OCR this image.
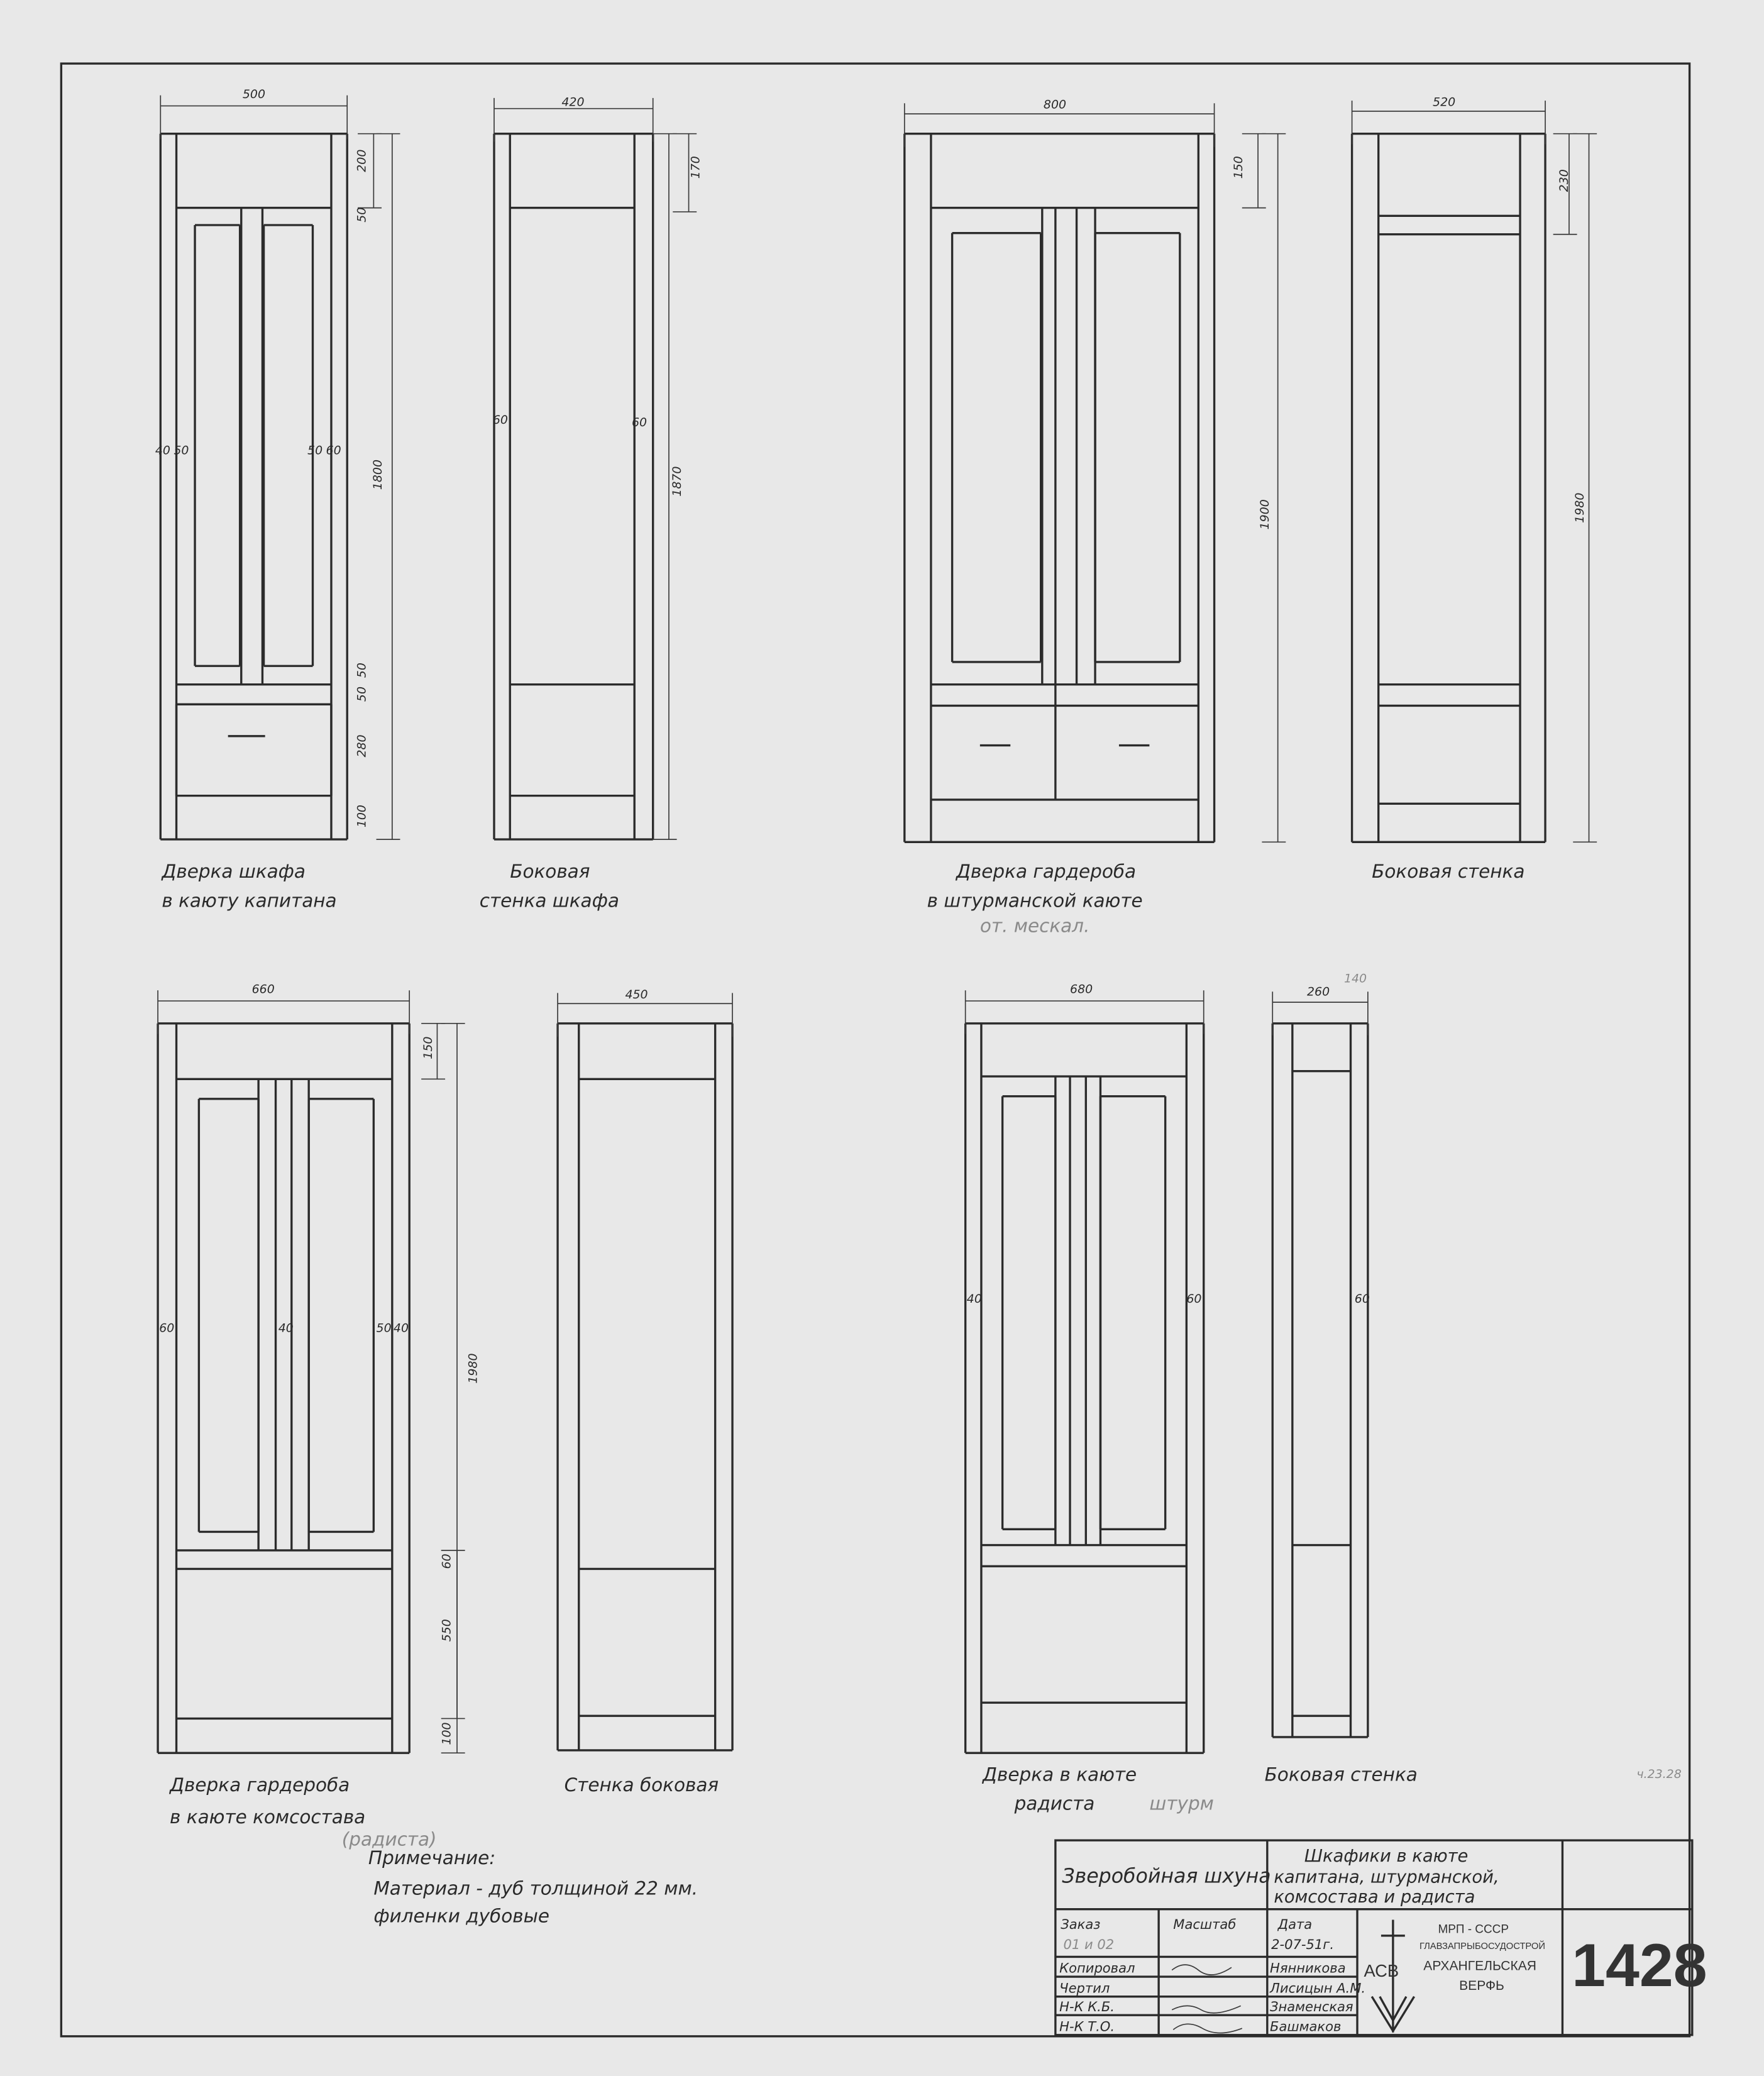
500
200
50
1800
50
50
280
100
40 50	50 60
Дверка шкафа
в каюту капитана
420
170
1870
60	60
Боковая
стенка шкафа
800
150
1900
Дверка гардероба
в штурманской каюте
от. мескал.
520
230
1980
Боковая стенка
660
150
1980
60	40	50 40
60
550
100
Дверка гардероба
в каюте комсостава
(радиста)
450
Стенка боковая
680
40	60
Дверка в каюте
радиста	штурм
260
140
60
Боковая стенка	ч.23.28
Примечание:
Материал - дуб толщиной 22 мм.
филенки дубовые
Зверобойная шхуна
Шкафики в каюте
капитана, штурманской,
комсостава и радиста
Заказ
01 и 02
Масштаб	Дата
2-07-51г.
Копировал	Нянникова
Чертил	Лисицын А.М.
Н-К К.Б.	Знаменская
Н-К Т.О.	Башмаков
АСВ
МРП - СССР
ГЛАВЗАПРЫБОСУДОСТРОЙ
АРХАНГЕЛЬСКАЯ
ВЕРФЬ 1428
